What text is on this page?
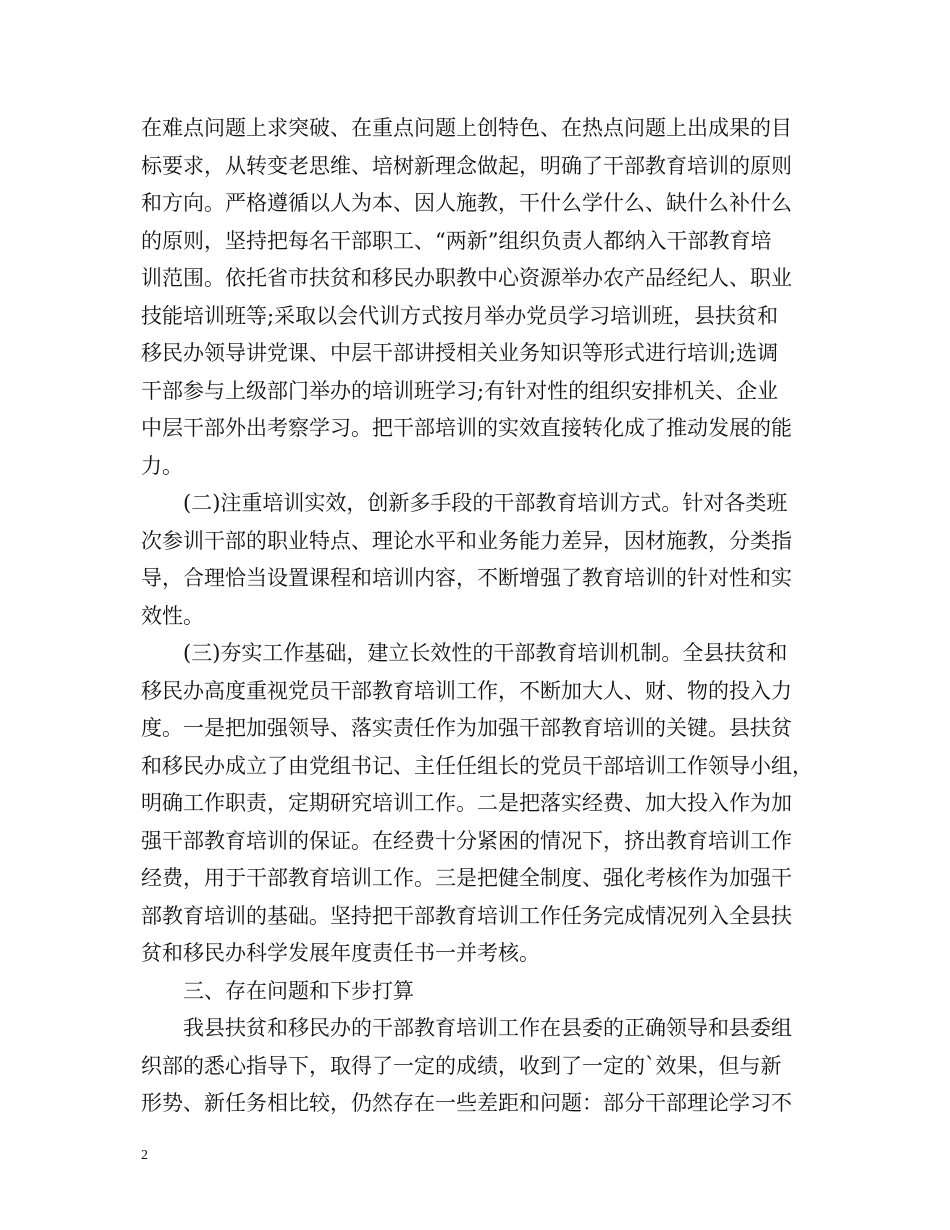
在难点问题上求突破、在重点问题上创特色、在热点问题上出成果的目
标要求，从转变老思维、培树新理念做起，明确了干部教育培训的原则
和方向。严格遵循以人为本、因人施教，干什么学什么、缺什么补什么
的原则，坚持把每名干部职工、“两新”组织负责人都纳入干部教育培
训范围。依托省市扶贫和移民办职教中心资源举办农产品经纪人、职业
技能培训班等;采取以会代训方式按月举办党员学习培训班，县扶贫和
移民办领导讲党课、中层干部讲授相关业务知识等形式进行培训;选调
干部参与上级部门举办的培训班学习;有针对性的组织安排机关、企业
中层干部外出考察学习。把干部培训的实效直接转化成了推动发展的能
力。
　　(二)注重培训实效，创新多手段的干部教育培训方式。针对各类班
次参训干部的职业特点、理论水平和业务能力差异，因材施教，分类指
导，合理恰当设置课程和培训内容，不断增强了教育培训的针对性和实
效性。
　　(三)夯实工作基础，建立长效性的干部教育培训机制。全县扶贫和
移民办高度重视党员干部教育培训工作，不断加大人、财、物的投入力
度。一是把加强领导、落实责任作为加强干部教育培训的关键。县扶贫
和移民办成立了由党组书记、主任任组长的党员干部培训工作领导小组，
明确工作职责，定期研究培训工作。二是把落实经费、加大投入作为加
强干部教育培训的保证。在经费十分紧困的情况下，挤出教育培训工作
经费，用于干部教育培训工作。三是把健全制度、强化考核作为加强干
部教育培训的基础。坚持把干部教育培训工作任务完成情况列入全县扶
贫和移民办科学发展年度责任书一并考核。
　　三、存在问题和下步打算
　　我县扶贫和移民办的干部教育培训工作在县委的正确领导和县委组
织部的悉心指导下，取得了一定的成绩，收到了一定的`效果，但与新
形势、新任务相比较，仍然存在一些差距和问题：部分干部理论学习不
2
